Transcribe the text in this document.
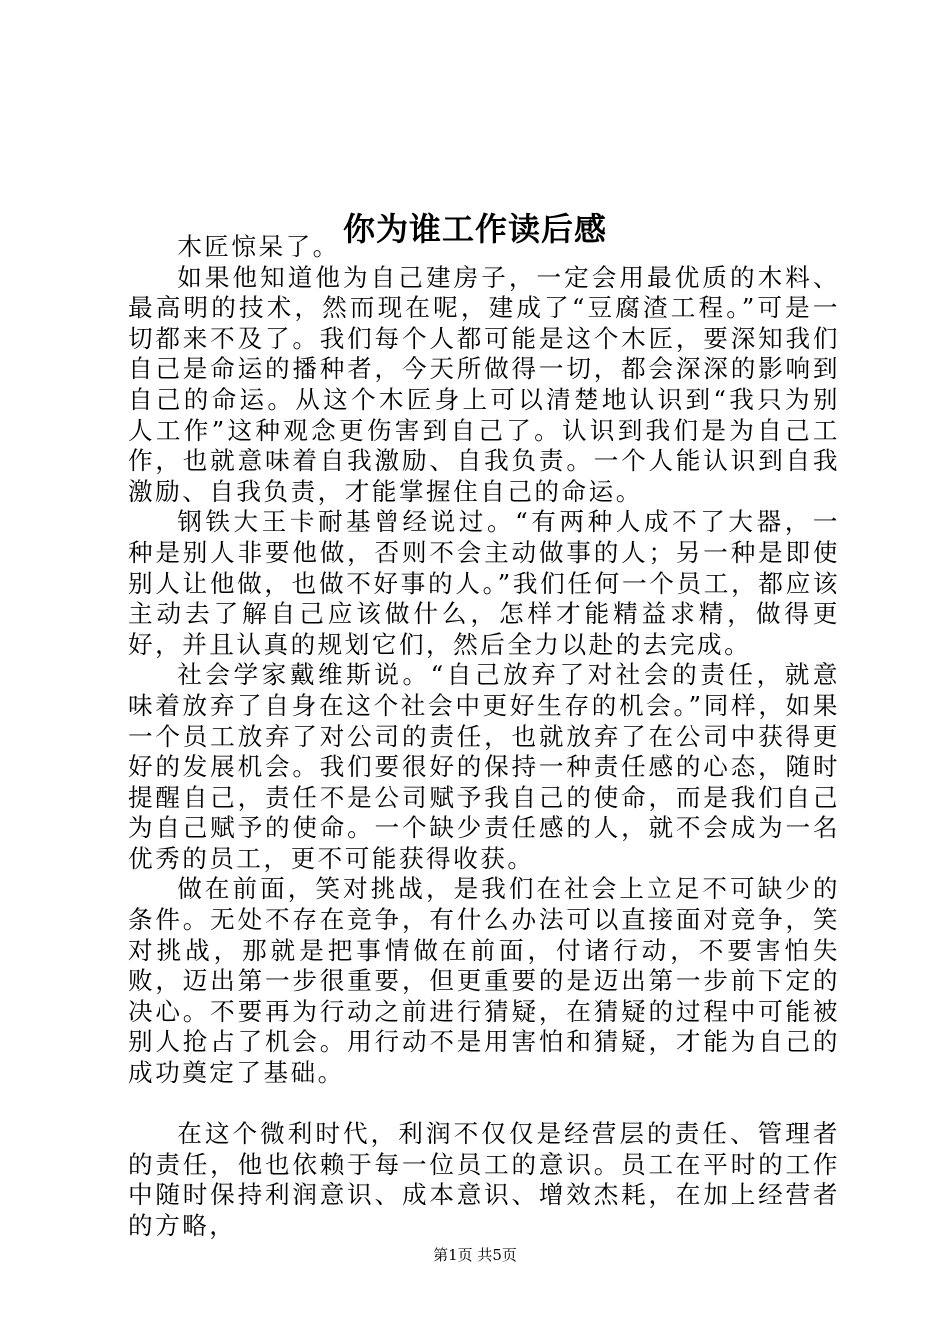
你为谁工作读后感

木匠惊呆了。

如果他知道他为自己建房子，一定会用最优质的木料、最高明的技术，然而现在呢，建成了“豆腐渣工程。”可是一切都来不及了。我们每个人都可能是这个木匠，要深知我们自己是命运的播种者，今天所做得一切，都会深深的影响到自己的命运。从这个木匠身上可以清楚地认识到“我只为别人工作”这种观念更伤害到自己了。认识到我们是为自己工作，也就意味着自我激励、自我负责。一个人能认识到自我激励、自我负责，才能掌握住自己的命运。

钢铁大王卡耐基曾经说过。“有两种人成不了大器，一种是别人非要他做，否则不会主动做事的人；另一种是即使别人让他做，也做不好事的人。”我们任何一个员工，都应该主动去了解自己应该做什么，怎样才能精益求精，做得更好，并且认真的规划它们，然后全力以赴的去完成。

社会学家戴维斯说。“自己放弃了对社会的责任，就意味着放弃了自身在这个社会中更好生存的机会。”同样，如果一个员工放弃了对公司的责任，也就放弃了在公司中获得更好的发展机会。我们要很好的保持一种责任感的心态，随时提醒自己，责任不是公司赋予我自己的使命，而是我们自己为自己赋予的使命。一个缺少责任感的人，就不会成为一名优秀的员工，更不可能获得收获。

做在前面，笑对挑战，是我们在社会上立足不可缺少的条件。无处不存在竞争，有什么办法可以直接面对竞争，笑对挑战，那就是把事情做在前面，付诸行动，不要害怕失败，迈出第一步很重要，但更重要的是迈出第一步前下定的决心。不要再为行动之前进行猜疑，在猜疑的过程中可能被别人抢占了机会。用行动不是用害怕和猜疑，才能为自己的成功奠定了基础。

在这个微利时代，利润不仅仅是经营层的责任、管理者的责任，他也依赖于每一位员工的意识。员工在平时的工作中随时保持利润意识、成本意识、增效杰耗，在加上经营者的方略，

第1页 共5页
